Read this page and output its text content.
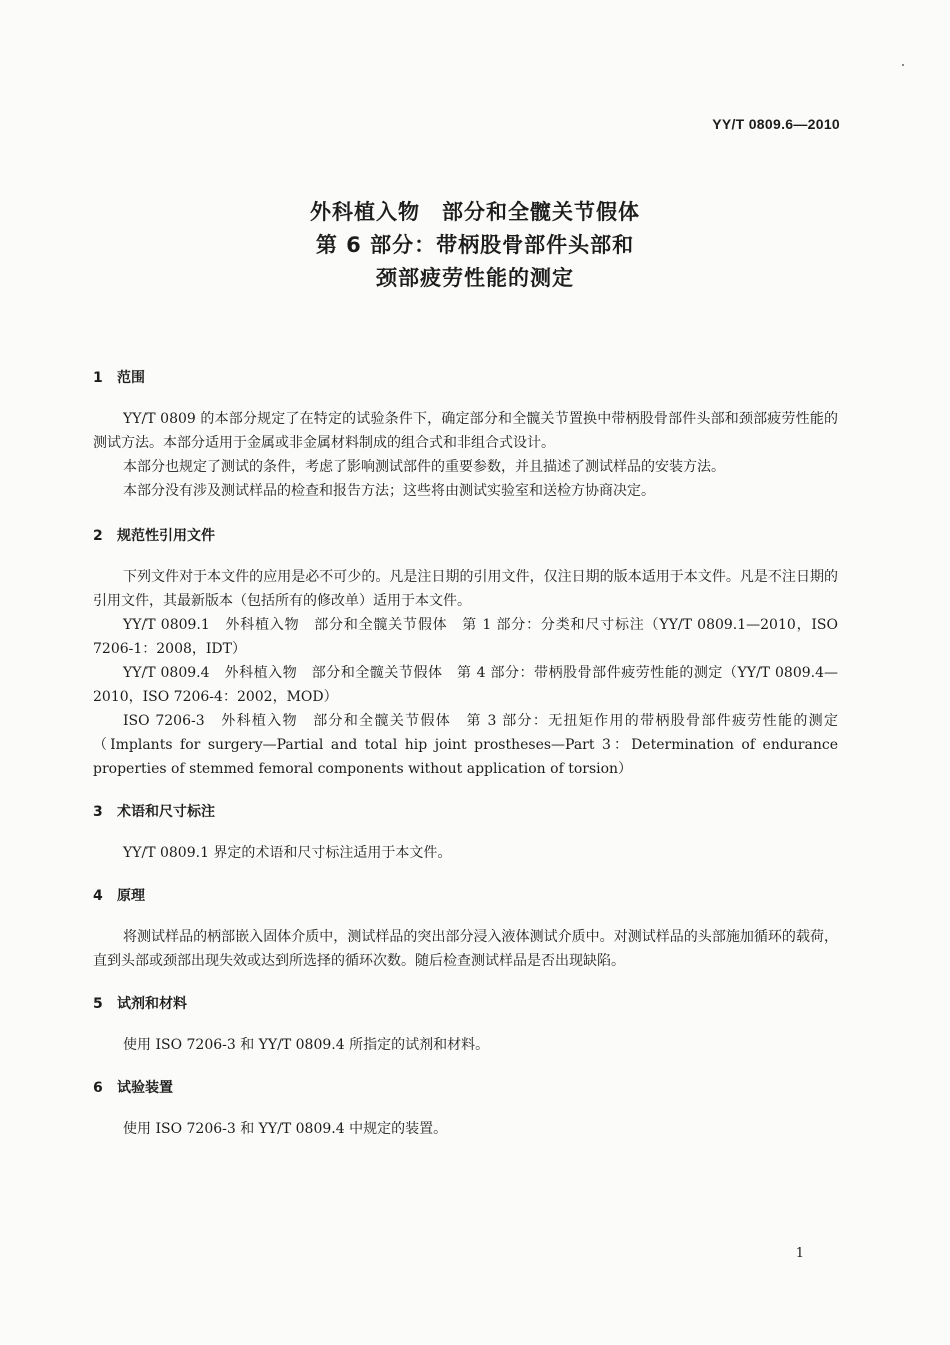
YY/T 0809.6—2010
外科植入物　部分和全髋关节假体
第 6 部分：带柄股骨部件头部和
颈部疲劳性能的测定
1 范围

YY/T 0809 的本部分规定了在特定的试验条件下，确定部分和全髋关节置换中带柄股骨部件头部和颈部疲劳性能的测试方法。本部分适用于金属或非金属材料制成的组合式和非组合式设计。

本部分也规定了测试的条件，考虑了影响测试部件的重要参数，并且描述了测试样品的安装方法。

本部分没有涉及测试样品的检查和报告方法；这些将由测试实验室和送检方协商决定。

2 规范性引用文件

下列文件对于本文件的应用是必不可少的。凡是注日期的引用文件，仅注日期的版本适用于本文件。凡是不注日期的引用文件，其最新版本（包括所有的修改单）适用于本文件。

YY/T 0809.1　外科植入物　部分和全髋关节假体　第 1 部分：分类和尺寸标注（YY/T 0809.1—2010，ISO 7206-1：2008，IDT）

YY/T 0809.4　外科植入物　部分和全髋关节假体　第 4 部分：带柄股骨部件疲劳性能的测定（YY/T 0809.4—2010，ISO 7206-4：2002，MOD）

ISO 7206-3　外科植入物　部分和全髋关节假体　第 3 部分：无扭矩作用的带柄股骨部件疲劳性能的测定（Implants for surgery—Partial and total hip joint prostheses—Part 3：Determination of endurance properties of stemmed femoral components without application of torsion）

3 术语和尺寸标注

YY/T 0809.1 界定的术语和尺寸标注适用于本文件。

4 原理

将测试样品的柄部嵌入固体介质中，测试样品的突出部分浸入液体测试介质中。对测试样品的头部施加循环的载荷，直到头部或颈部出现失效或达到所选择的循环次数。随后检查测试样品是否出现缺陷。

5 试剂和材料

使用 ISO 7206-3 和 YY/T 0809.4 所指定的试剂和材料。

6 试验装置

使用 ISO 7206-3 和 YY/T 0809.4 中规定的装置。

1
